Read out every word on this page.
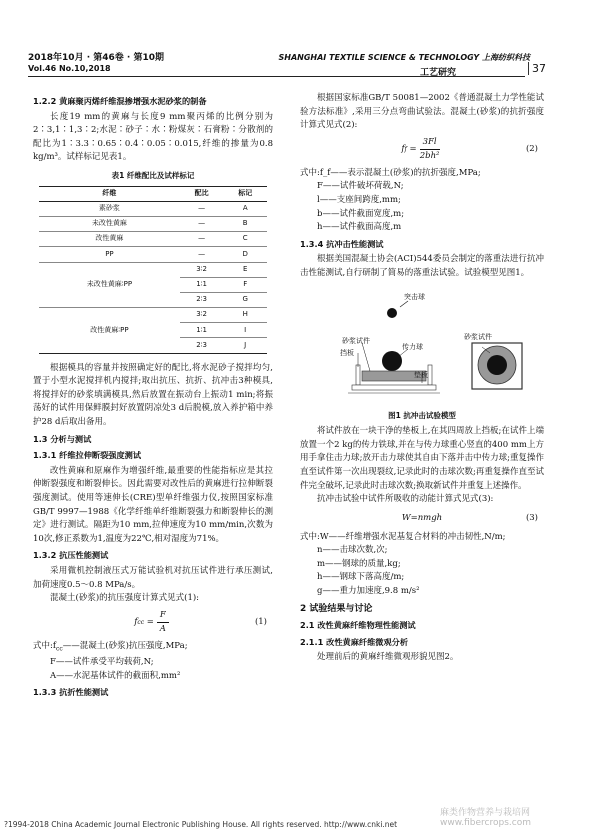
2018年10月 · 第46卷 · 第10期
Vol.46 No.10,2018
SHANGHAI TEXTILE SCIENCE & TECHNOLOGY 上海纺织科技
工艺研究	37
1.2.2 黄麻聚丙烯纤维混掺增强水泥砂浆的制备

长度19 mm的黄麻与长度9 mm聚丙烯的比例分别为2∶3,1∶1,3∶2;水泥∶砂子∶水∶粉煤灰∶石膏粉∶分散剂的配比为1∶3.3∶0.65∶0.4∶0.05∶0.015,纤维的掺量为0.8 kg/m³。试样标记见表1。

表1 纤维配比及试样标记
纤维	配比	标记
素砂浆	—	A
未改性黄麻	—	B
改性黄麻	—	C
PP	—	D
未改性黄麻∶PP	3∶2	E
	1∶1	F
	2∶3	G
改性黄麻∶PP	3∶2	H
	1∶1	I
	2∶3	J

根据模具的容量并按照确定好的配比,将水泥砂子搅拌均匀,置于小型水泥搅拌机内搅拌;取出抗压、抗折、抗冲击3种模具,将搅拌好的砂浆填满模具,然后放置在振动台上振动1 min;将振荡好的试件用保鲜膜封好放置阴凉处3 d后脱模,放入养护箱中养护28 d后取出备用。

1.3 分析与测试
1.3.1 纤维拉伸断裂强度测试

改性黄麻和原麻作为增强纤维,最重要的性能指标应是其拉伸断裂强度和断裂伸长。因此需要对改性后的黄麻进行拉伸断裂强度测试。使用等速伸长(CRE)型单纤维强力仪,按照国家标准GB/T 9997—1988《化学纤维单纤维断裂强力和断裂伸长的测定》进行测试。隔距为10 mm,拉伸速度为10 mm/min,次数为10次,修正系数为1,温度为22℃,相对湿度为71%。

1.3.2 抗压性能测试

采用微机控制液压式万能试验机对抗压试件进行承压测试,加荷速度0.5～0.8 MPa/s。

混凝土(砂浆)的抗压强度计算式见式(1):

f cc = $\frac{F}{A}$	(1)
式中$:f_{cc}——$混凝土(砂浆)抗压强度,MPa;
F——试件承受平均载荷,N;
A——水泥基体试件的截面积,mm²
1.3.3 抗折性能测试

根据国家标准GB/T 50081—2002《普通混凝土力学性能试验方法标准》,采用三分点弯曲试验法。混凝土(砂浆)的抗折强度计算式见式(2):

f $f = \frac{3Fl}{\text{2bh²}}$	(2)
式中:f_f——表示混凝土(砂浆)的抗折强度,MPa;
F——试件破坏荷载,N;
l——支座间跨度,mm;
b——试件截面宽度,m;
h——试件截面高度,m
1.3.4 抗冲击性能测试

根据美国混凝土协会(ACI)544委员会制定的落重法进行抗冲击性能测试,自行研制了简易的落重法试验。试验模型见图1。

突击球
砂浆试件
传力球
挡板
垫板
砂浆试件
图1 抗冲击试验模型

将试件放在一块干净的垫板上,在其四周放上挡板;在试件上端放置一个2 kg的传力铁球,并在与传力球重心竖直的400 mm上方用手拿住击力球;放开击力球使其自由下落并击中传力球;重复操作直至试件第一次出现裂纹,记录此时的击球次数;再重复操作直至试件完全破坏,记录此时击球次数;换取新试件并重复上述操作。

抗冲击试验中试件所吸收的动能计算式见式(3):

W=nmgh	(3)
式中:W——纤维增强水泥基复合材料的冲击韧性,N/m;
n——击球次数,次;
m——钢球的质量,kg;
h——钢球下落高度/m;
g——重力加速度,9.8 m/s²
2 试验结果与讨论
2.1 改性黄麻纤维物理性能测试
2.1.1 改性黄麻纤维微观分析

处理前后的黄麻纤维微观形貌见图2。

麻类作物营养与栽培网 www.fibercrops.com
?1994-2018 China Academic Journal Electronic Publishing House. All rights reserved. http://www.cnki.net
